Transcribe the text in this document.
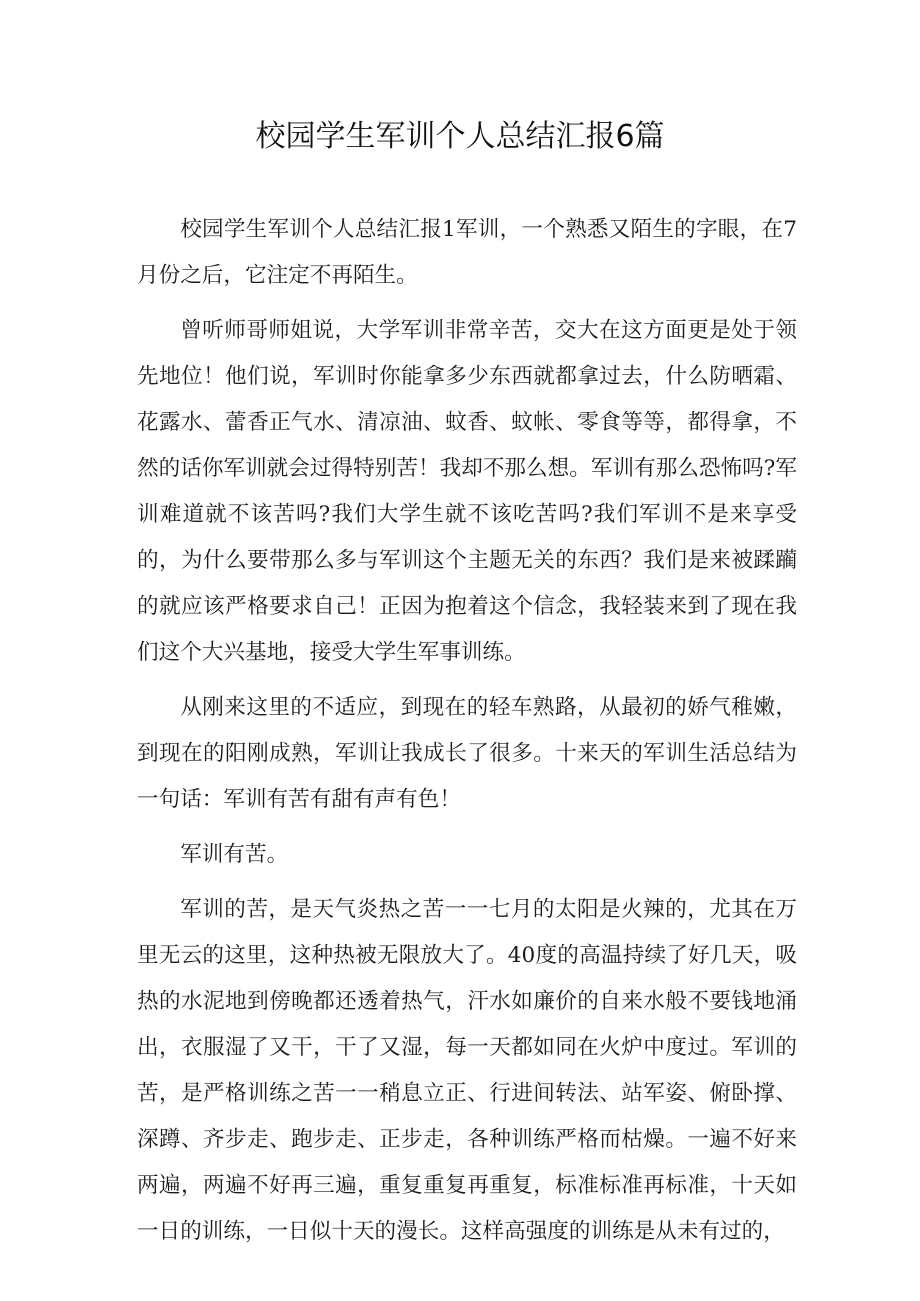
校园学生军训个人总结汇报6篇

校园学生军训个人总结汇报1军训，一个熟悉又陌生的字眼，在7月份之后，它注定不再陌生。

曾听师哥师姐说，大学军训非常辛苦，交大在这方面更是处于领先地位！他们说，军训时你能拿多少东西就都拿过去，什么防晒霜、花露水、蕾香正气水、清凉油、蚊香、蚊帐、零食等等，都得拿，不然的话你军训就会过得特别苦！我却不那么想。军训有那么恐怖吗?军训难道就不该苦吗?我们大学生就不该吃苦吗?我们军训不是来享受的，为什么要带那么多与军训这个主题无关的东西？我们是来被蹂躏的就应该严格要求自己！正因为抱着这个信念，我轻装来到了现在我们这个大兴基地，接受大学生军事训练。

从刚来这里的不适应，到现在的轻车熟路，从最初的娇气稚嫩，到现在的阳刚成熟，军训让我成长了很多。十来天的军训生活总结为一句话：军训有苦有甜有声有色！

军训有苦。

军训的苦，是天气炎热之苦一一七月的太阳是火辣的，尤其在万里无云的这里，这种热被无限放大了。40度的高温持续了好几天，吸热的水泥地到傍晚都还透着热气，汗水如廉价的自来水般不要钱地涌出，衣服湿了又干，干了又湿，每一天都如同在火炉中度过。军训的苦，是严格训练之苦一一稍息立正、行进间转法、站军姿、俯卧撑、深蹲、齐步走、跑步走、正步走，各种训练严格而枯燥。一遍不好来两遍，两遍不好再三遍，重复重复再重复，标准标准再标准，十天如一日的训练，一日似十天的漫长。这样高强度的训练是从未有过的，
